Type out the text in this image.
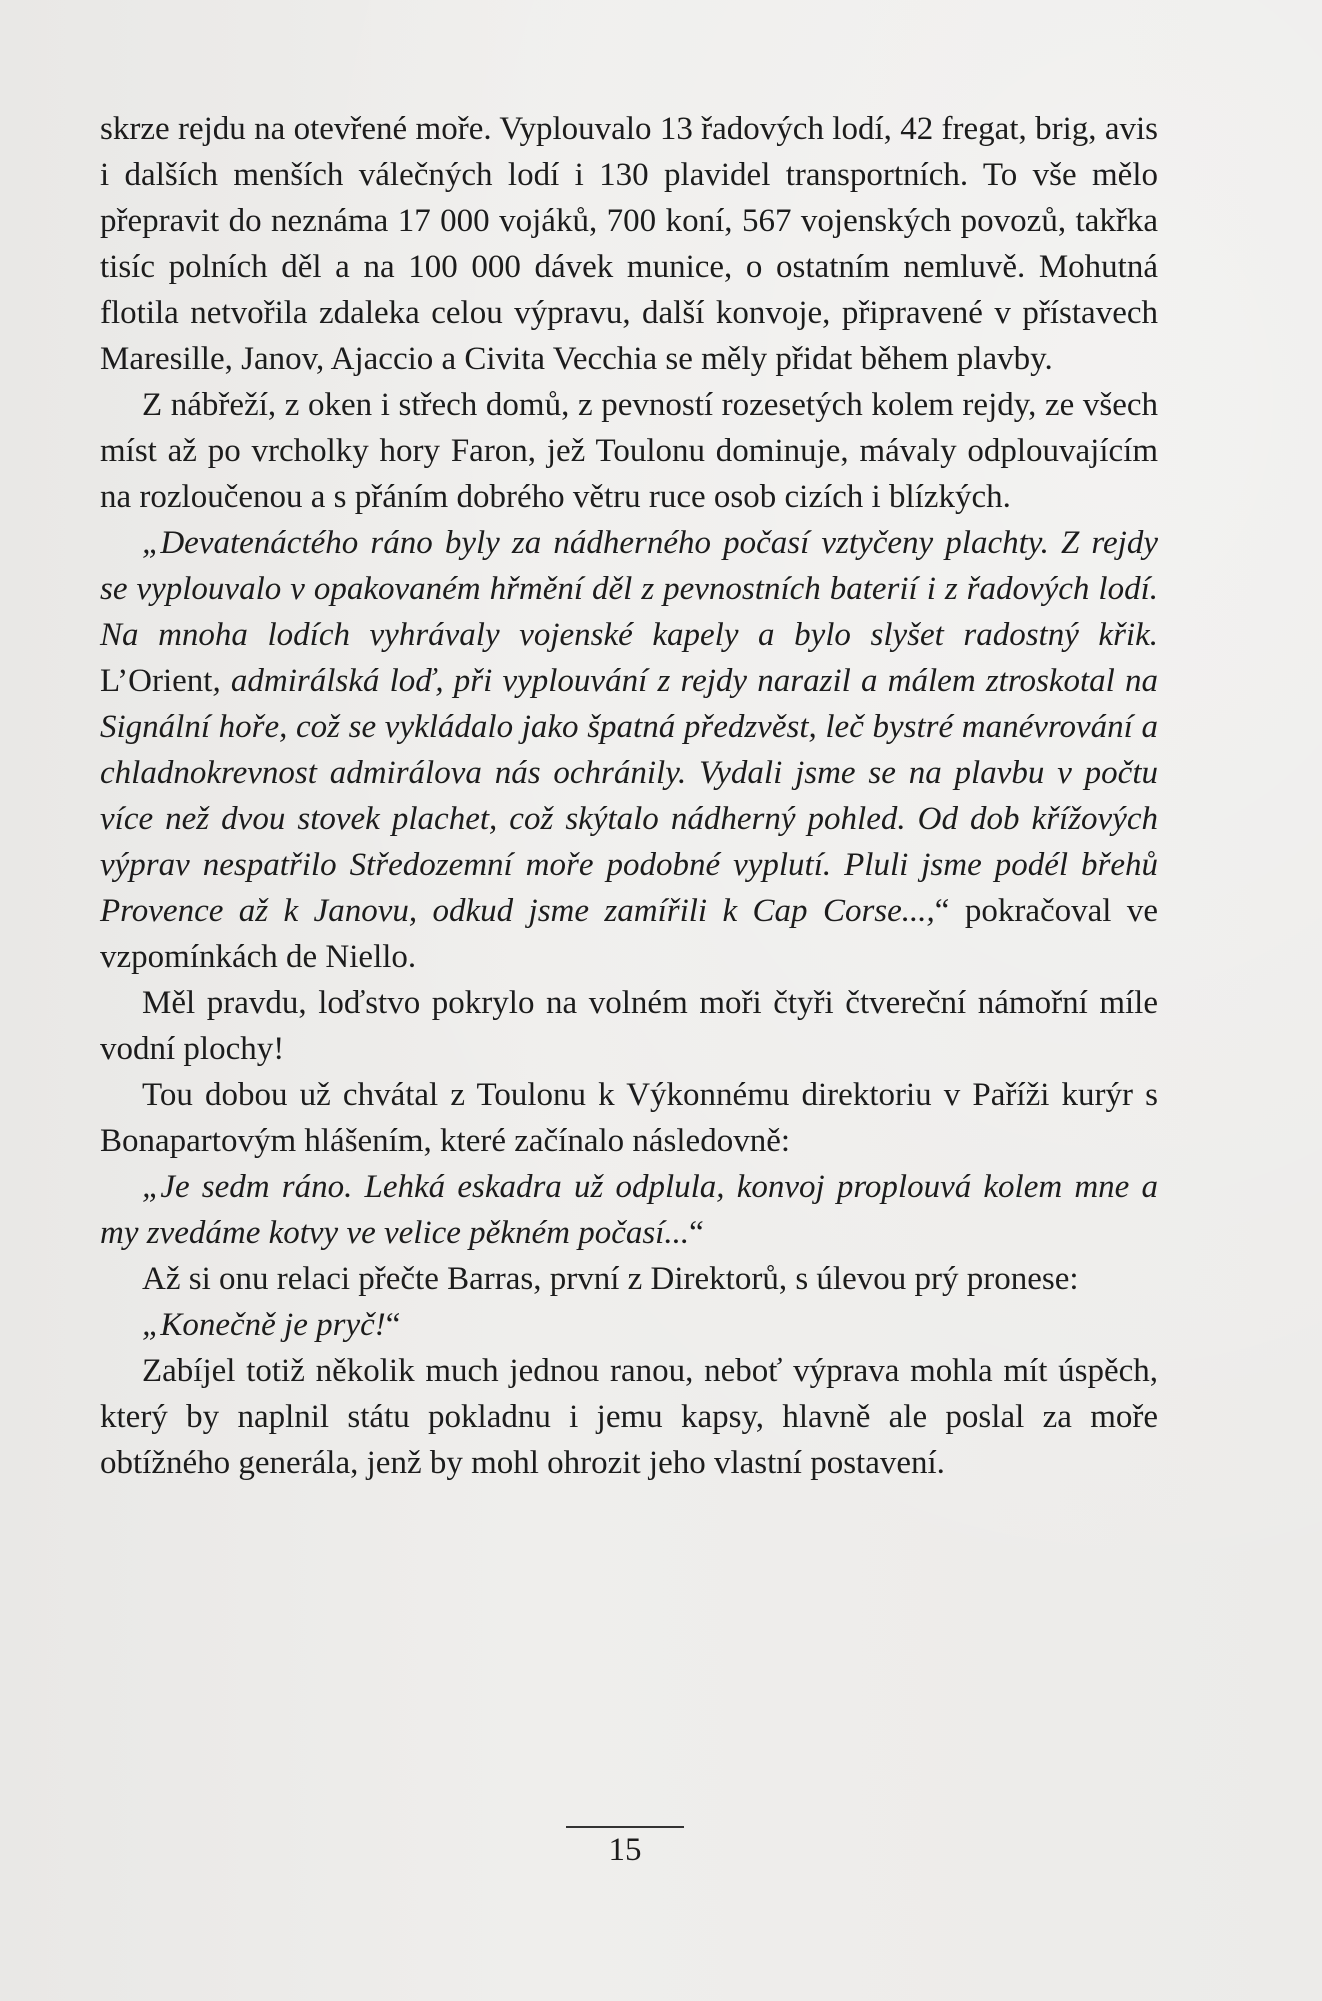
skrze rejdu na otevřené moře. Vyplouvalo 13 řadových lodí, 42 fregat, brig, avis i dalších menších válečných lodí i 130 plavidel transportních. To vše mělo přepravit do neznáma 17 000 vojáků, 700 koní, 567 vojenských povozů, takřka tisíc polních děl a na 100 000 dávek munice, o ostatním nemluvě. Mohutná flotila netvořila zdaleka celou výpravu, další konvoje, připravené v přístavech Maresille, Janov, Ajaccio a Civita Vecchia se měly přidat během plavby.

Z nábřeží, z oken i střech domů, z pevností rozesetých kolem rejdy, ze všech míst až po vrcholky hory Faron, jež Toulonu dominuje, mávaly odplouvajícím na rozloučenou a s přáním dobrého větru ruce osob cizích i blízkých.

„Devatenáctého ráno byly za nádherného počasí vztyčeny plachty. Z rejdy se vyplouvalo v opakovaném hřmění děl z pevnostních baterií i z řadových lodí. Na mnoha lodích vyhrávaly vojenské kapely a bylo slyšet radostný křik. L’Orient, admirálská loď, při vyplouvání z rejdy narazil a málem ztroskotal na Signální hoře, což se vykládalo jako špatná předzvěst, leč bystré manévrování a chladnokrevnost admirálova nás ochránily. Vydali jsme se na plavbu v počtu více než dvou stovek plachet, což skýtalo nádherný pohled. Od dob křížových výprav nespatřilo Středozemní moře podobné vyplutí. Pluli jsme podél břehů Provence až k Janovu, odkud jsme zamířili k Cap Corse...,“ pokračoval ve vzpomínkách de Niello.

Měl pravdu, loďstvo pokrylo na volném moři čtyři čtvereční námořní míle vodní plochy!

Tou dobou už chvátal z Toulonu k Výkonnému direktoriu v Paříži kurýr s Bonapartovým hlášením, které začínalo následovně:

„Je sedm ráno. Lehká eskadra už odplula, konvoj proplouvá kolem mne a my zvedáme kotvy ve velice pěkném počasí...“

Až si onu relaci přečte Barras, první z Direktorů, s úlevou prý pronese:

„Konečně je pryč!“

Zabíjel totiž několik much jednou ranou, neboť výprava mohla mít úspěch, který by naplnil státu pokladnu i jemu kapsy, hlavně ale poslal za moře obtížného generála, jenž by mohl ohrozit jeho vlastní postavení.

15
